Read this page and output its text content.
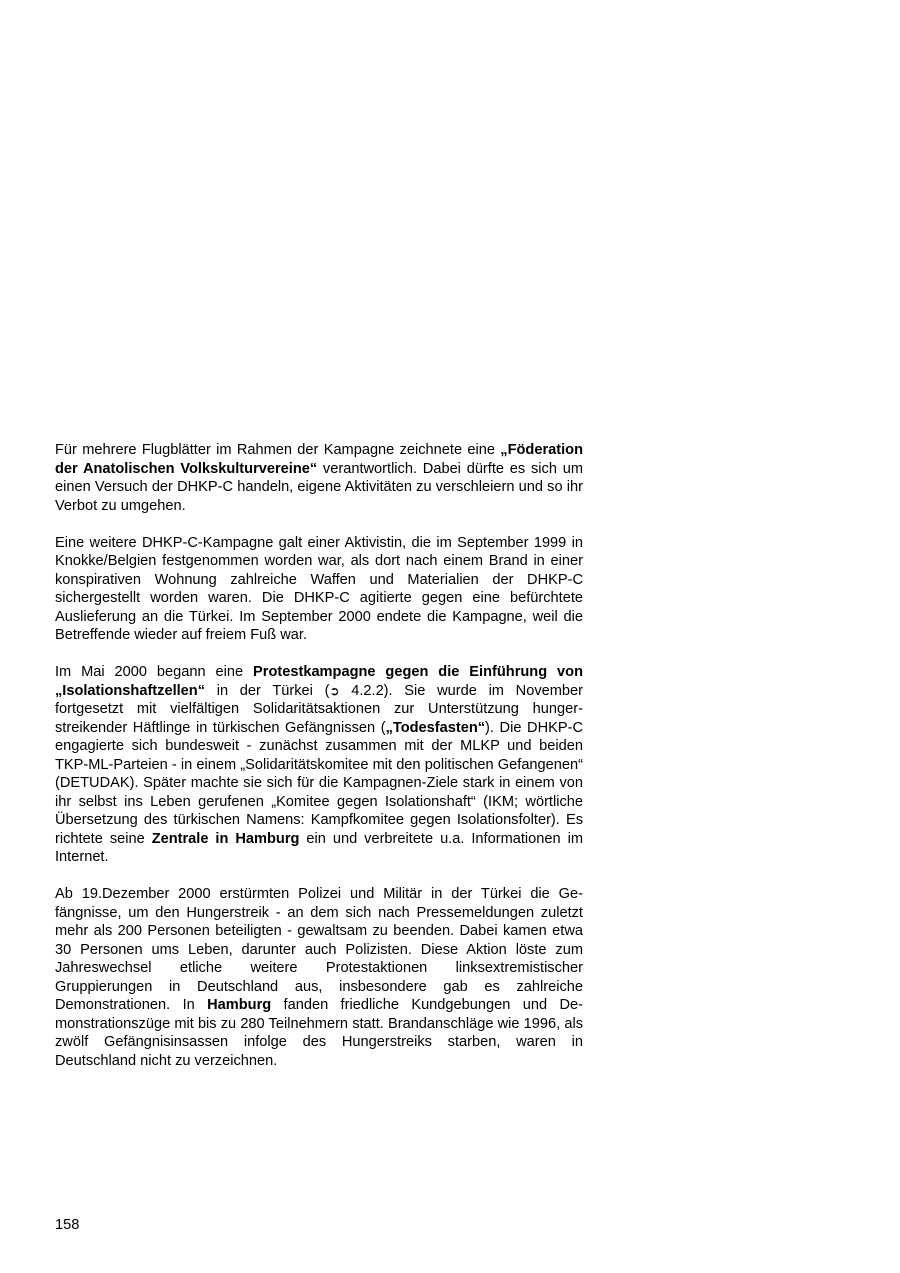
Für mehrere Flugblätter im Rahmen der Kampagne zeichnete eine „Föderation der Anatolischen Volkskulturvereine“ verantwortlich. Dabei dürfte es sich um einen Versuch der DHKP-C handeln, eigene Aktivitäten zu verschleiern und so ihr Verbot zu umgehen.

Eine weitere DHKP-C-Kampagne galt einer Aktivistin, die im September 1999 in Knokke/Belgien festgenommen worden war, als dort nach einem Brand in einer konspirativen Wohnung zahlreiche Waffen und Materialien der DHKP-C sichergestellt worden waren. Die DHKP-C agitierte gegen eine befürchtete Auslieferung an die Türkei. Im September 2000 endete die Kampagne, weil die Betreffende wieder auf freiem Fuß war.

Im Mai 2000 begann eine Protestkampagne gegen die Einführung von „Isolationshaftzellen“ in der Türkei (➲ 4.2.2). Sie wurde im November fortgesetzt mit vielfältigen Solidaritätsaktionen zur Unterstützung hungerstreikender Häftlinge in türkischen Gefängnissen („Todesfasten“). Die DHKP-C engagierte sich bundesweit - zunächst zusammen mit der MLKP und beiden TKP-ML-Parteien - in einem „Solidaritätskomitee mit den politischen Gefangenen“ (DETUDAK). Später machte sie sich für die Kampagnen-Ziele stark in einem von ihr selbst ins Leben gerufenen „Komitee gegen Isolationshaft“ (IKM; wörtliche Übersetzung des türkischen Namens: Kampfkomitee gegen Isolationsfolter). Es richtete seine Zentrale in Hamburg ein und verbreitete u.a. Informationen im Internet.

Ab 19.Dezember 2000 erstürmten Polizei und Militär in der Türkei die Gefängnisse, um den Hungerstreik - an dem sich nach Pressemeldungen zuletzt mehr als 200 Personen beteiligten - gewaltsam zu beenden. Dabei kamen etwa 30 Personen ums Leben, darunter auch Polizisten. Diese Aktion löste zum Jahreswechsel etliche weitere Protestaktionen linksextremistischer Gruppierungen in Deutschland aus, insbesondere gab es zahlreiche Demonstrationen. In Hamburg fanden friedliche Kundgebungen und Demonstrationszüge mit bis zu 280 Teilnehmern statt. Brandanschläge wie 1996, als zwölf Gefängnisinsassen infolge des Hungerstreiks starben, waren in Deutschland nicht zu verzeichnen.

158
